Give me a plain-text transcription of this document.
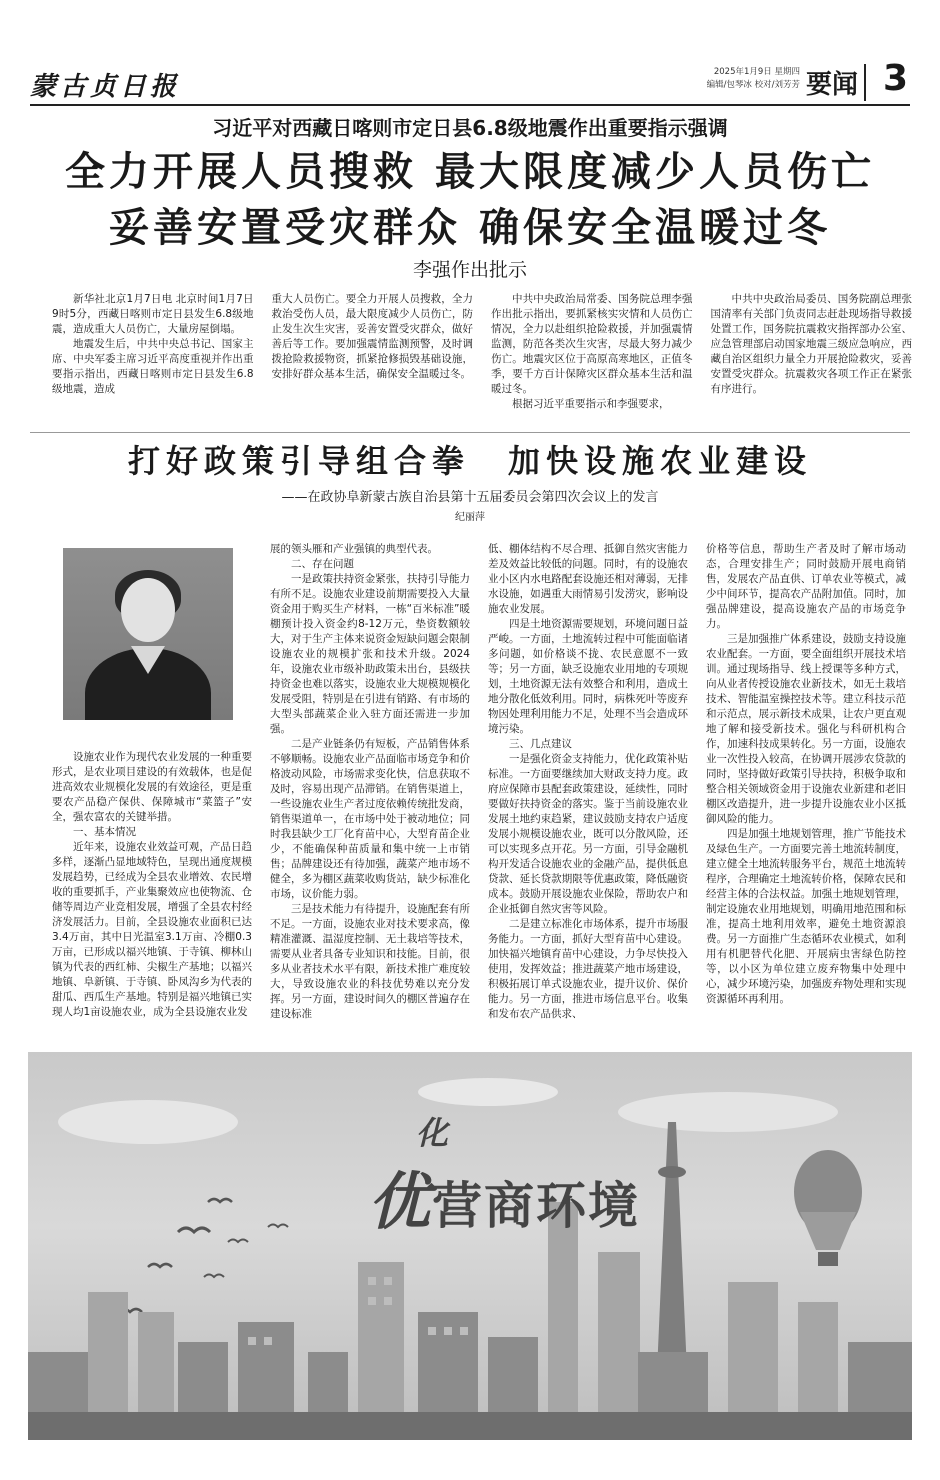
蒙古贞日报	2025年1月9日 星期四
编辑/包琴冰 校对/刘芳芳 要闻 3
习近平对西藏日喀则市定日县6.8级地震作出重要指示强调
全力开展人员搜救 最大限度减少人员伤亡
妥善安置受灾群众 确保安全温暖过冬
李强作出批示

新华社北京1月7日电 北京时间1月7日9时5分，西藏日喀则市定日县发生6.8级地震，造成重大人员伤亡，大量房屋倒塌。

地震发生后，中共中央总书记、国家主席、中央军委主席习近平高度重视并作出重要指示指出，西藏日喀则市定日县发生6.8级地震，造成

重大人员伤亡。要全力开展人员搜救，全力救治受伤人员，最大限度减少人员伤亡，防止发生次生灾害，妥善安置受灾群众，做好善后等工作。要加强震情监测预警，及时调拨抢险救援物资，抓紧抢修损毁基础设施，安排好群众基本生活，确保安全温暖过冬。

中共中央政治局常委、国务院总理李强作出批示指出，要抓紧核实灾情和人员伤亡情况，全力以赴组织抢险救援，并加强震情监测，防范各类次生灾害，尽最大努力减少伤亡。地震灾区位于高原高寒地区，正值冬季，要千方百计保障灾区群众基本生活和温暖过冬。

根据习近平重要指示和李强要求，

中共中央政治局委员、国务院副总理张国清率有关部门负责同志赶赴现场指导救援处置工作，国务院抗震救灾指挥部办公室、应急管理部启动国家地震三级应急响应，西藏自治区组织力量全力开展抢险救灾，妥善安置受灾群众。抗震救灾各项工作正在紧张有序进行。

打好政策引导组合拳　加快设施农业建设
——在政协阜新蒙古族自治县第十五届委员会第四次会议上的发言
纪丽萍

设施农业作为现代农业发展的一种重要形式，是农业项目建设的有效载体，也是促进高效农业规模化发展的有效途径，更是重要农产品稳产保供、保障城市“菜篮子”安全，强农富农的关键举措。

一、基本情况

近年来，设施农业效益可观，产品日趋多样，逐渐凸显地域特色，呈现出通度规模发展趋势，已经成为全县农业增效、农民增收的重要抓手，产业集聚效应也使物流、仓储等周边产业竞相发展，增强了全县农村经济发展活力。目前，全县设施农业面积已达3.4万亩，其中日光温室3.1万亩、冷棚0.3万亩，已形成以福兴地镇、于寺镇、柳林山镇为代表的西红柿、尖椒生产基地；以福兴地镇、阜新镇、于寺镇、卧凤沟乡为代表的甜瓜、西瓜生产基地。特别是福兴地镇已实现人均1亩设施农业，成为全县设施农业发

展的领头雁和产业强镇的典型代表。

二、存在问题

一是政策扶持资金紧张，扶持引导能力有所不足。设施农业建设前期需要投入大量资金用于购买生产材料，一栋“百米标准”暖棚预计投入资金约8-12万元，垫资数额较大，对于生产主体来说资金短缺问题会限制设施农业的规模扩张和技术升级。2024年，设施农业市级补助政策未出台，县级扶持资金也难以落实，设施农业大规模规模化发展受阻，特别是在引进有销路、有市场的大型头部蔬菜企业入驻方面还需进一步加强。

二是产业链条仍有短板，产品销售体系不够顺畅。设施农业产品面临市场竞争和价格波动风险，市场需求变化快，信息获取不及时，容易出现产品滞销。在销售渠道上，一些设施农业生产者过度依赖传统批发商，销售渠道单一，在市场中处于被动地位；同时我县缺少工厂化育苗中心，大型育苗企业少，不能确保种苗质量和集中统一上市销售；品牌建设还有待加强，蔬菜产地市场不健全，多为棚区蔬菜收购货站，缺少标准化市场，议价能力弱。

三是技术能力有待提升，设施配套有所不足。一方面，设施农业对技术要求高，像精准灌溉、温湿度控制、无土栽培等技术，需要从业者具备专业知识和技能。目前，很多从业者技术水平有限，新技术推广难度较大，导致设施农业的科技优势难以充分发挥。另一方面，建设时间久的棚区普遍存在建设标准

低、棚体结构不尽合理、抵御自然灾害能力差及效益比较低的问题。同时，有的设施农业小区内水电路配套设施还相对薄弱，无排水设施，如遇重大雨情易引发涝灾，影响设施农业发展。

四是土地资源需要规划，环境问题日益严峻。一方面，土地流转过程中可能面临诸多问题，如价格谈不拢、农民意愿不一致等；另一方面，缺乏设施农业用地的专项规划，土地资源无法有效整合和利用，造成土地分散化低效利用。同时，病株死叶等废弃物因处理利用能力不足，处理不当会造成环境污染。

三、几点建议

一是强化资金支持能力，优化政策补贴标准。一方面要继续加大财政支持力度。政府应保障市县配套政策建设，延续性，同时要做好扶持资金的落实。鉴于当前设施农业发展土地约束趋紧，建议鼓励支持农户适度发展小规模设施农业，既可以分散风险，还可以实现多点开花。另一方面，引导金融机构开发适合设施农业的金融产品，提供低息贷款、延长贷款期限等优惠政策，降低融资成本。鼓励开展设施农业保险，帮助农户和企业抵御自然灾害等风险。

二是建立标准化市场体系，提升市场服务能力。一方面，抓好大型育苗中心建设。加快福兴地镇育苗中心建设，力争尽快投入使用，发挥效益；推进蔬菜产地市场建设，积极拓展订单式设施农业，提升议价、保价能力。另一方面，推进市场信息平台。收集和发布农产品供求、

价格等信息，帮助生产者及时了解市场动态，合理安排生产；同时鼓励开展电商销售，发展农产品直供、订单农业等模式，减少中间环节，提高农产品附加值。同时，加强品牌建设，提高设施农产品的市场竞争力。

三是加强推广体系建设，鼓励支持设施农业配套。一方面，要全面组织开展技术培训。通过现场指导、线上授课等多种方式，向从业者传授设施农业新技术，如无土栽培技术、智能温室操控技术等。建立科技示范和示范点，展示新技术成果，让农户更直观地了解和接受新技术。强化与科研机构合作，加速科技成果转化。另一方面，设施农业一次性投入较高，在协调开展涉农贷款的同时，坚持做好政策引导扶持，积极争取和整合相关领域资金用于设施农业新建和老旧棚区改造提升，进一步提升设施农业小区抵御风险的能力。

四是加强土地规划管理，推广节能技术及绿色生产。一方面要完善土地流转制度，建立健全土地流转服务平台，规范土地流转程序，合理确定土地流转价格，保障农民和经营主体的合法权益。加强土地规划管理，制定设施农业用地规划，明确用地范围和标准，提高土地利用效率，避免土地资源浪费。另一方面推广生态循环农业模式，如利用有机肥替代化肥、开展病虫害绿色防控等，以小区为单位建立废弃物集中处理中心，减少环境污染，加强废弃物处理和实现资源循环再利用。

优
化
营商环境
